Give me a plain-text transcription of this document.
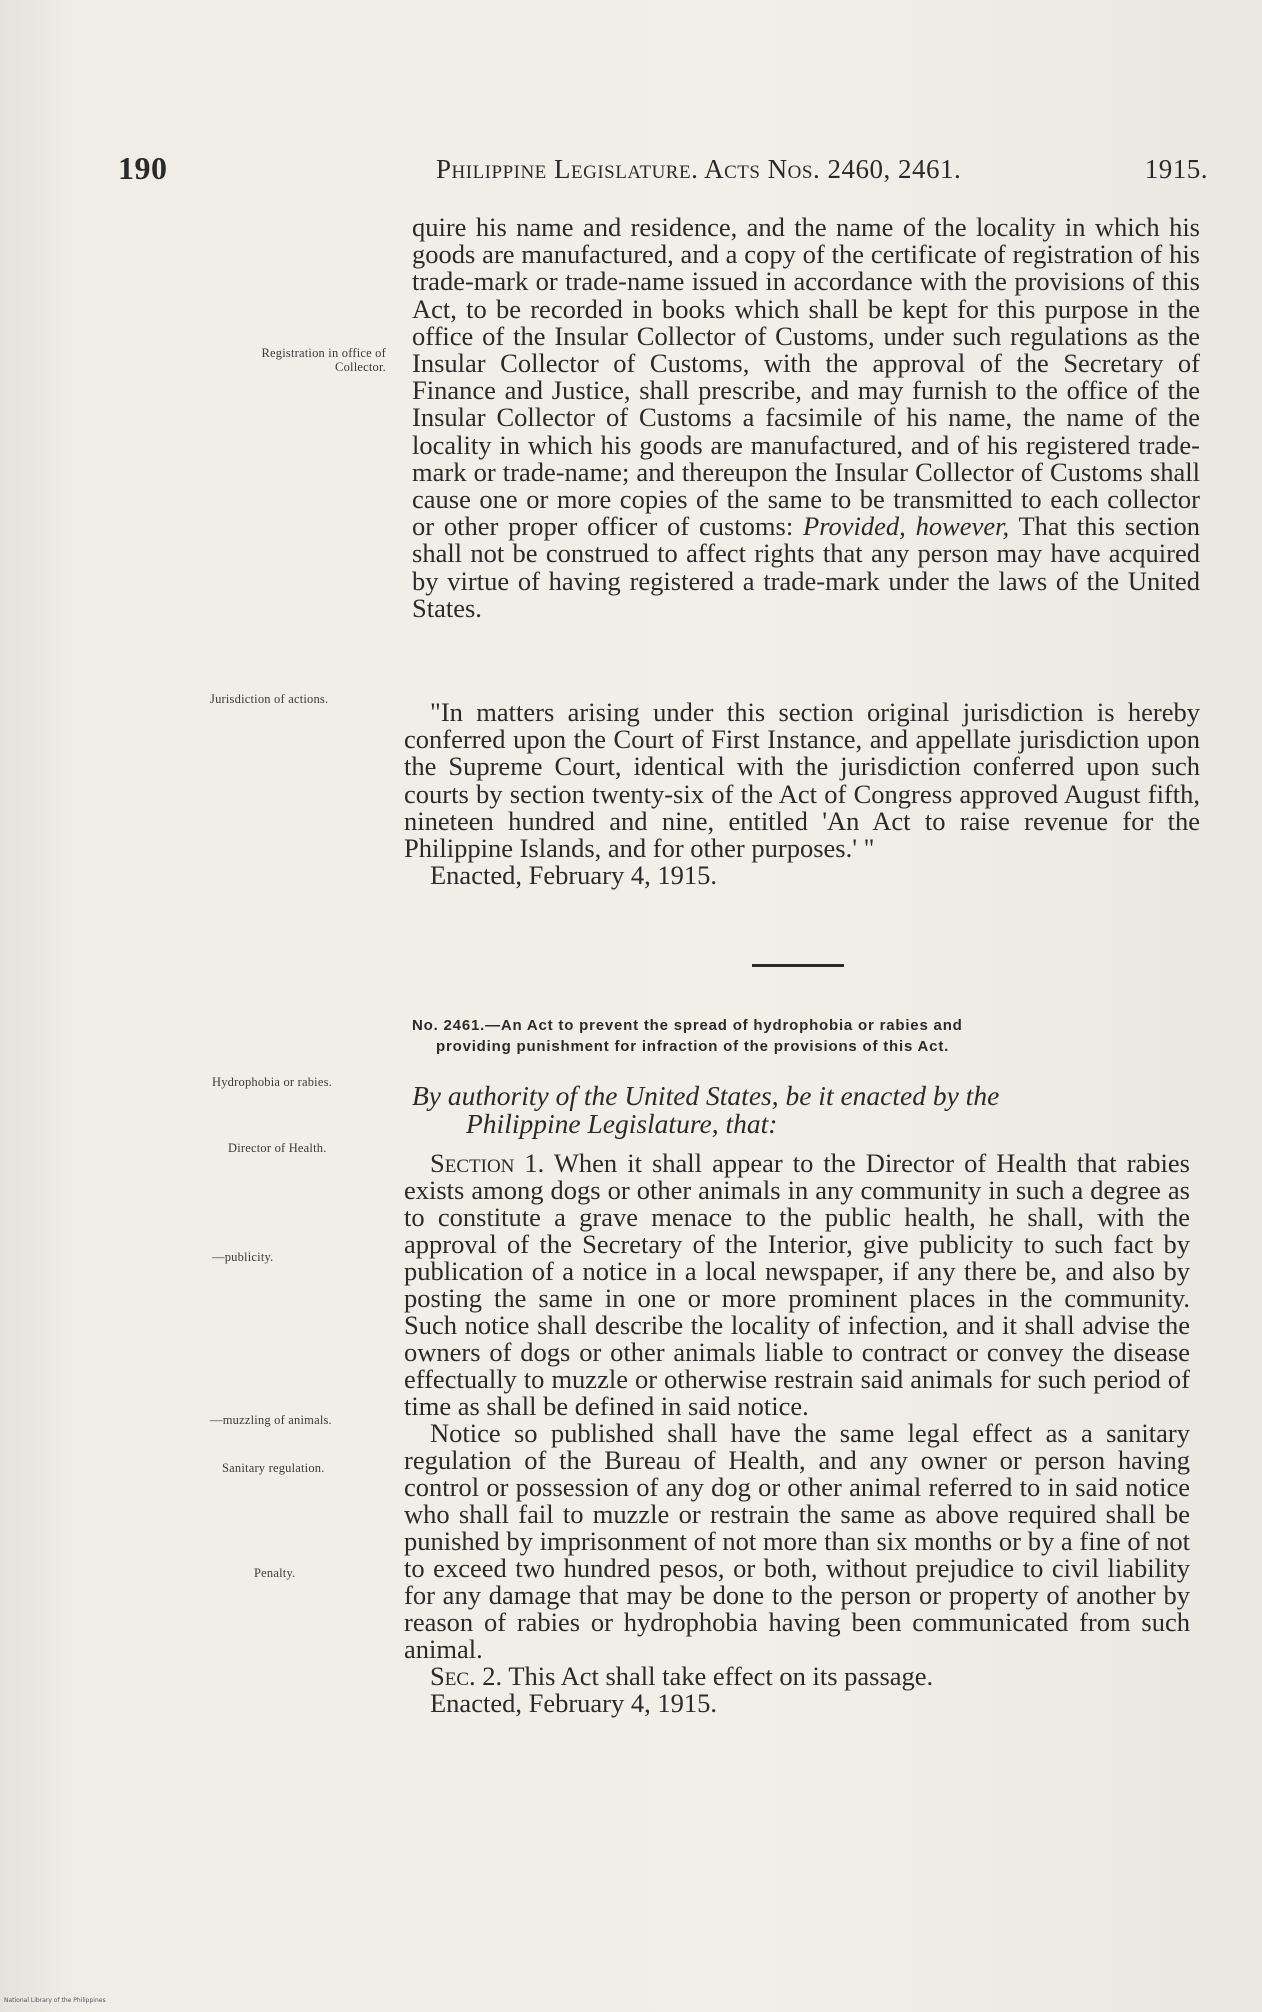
190	Philippine Legislature. Acts Nos. 2460, 2461.	1915.
Registration in office of Collector.
Jurisdiction of actions.
Hydrophobia or rabies.
Director of Health.
—publicity.
—muzzling of animals.
Sanitary regulation.
Penalty.

quire his name and residence, and the name of the locality in which his goods are manufactured, and a copy of the certificate of registration of his trade-mark or trade-name issued in accordance with the provisions of this Act, to be recorded in books which shall be kept for this purpose in the office of the Insular Collector of Customs, under such regulations as the Insular Collector of Customs, with the approval of the Secretary of Finance and Justice, shall prescribe, and may furnish to the office of the Insular Collector of Customs a facsimile of his name, the name of the locality in which his goods are manufactured, and of his registered trade-mark or trade-name; and thereupon the Insular Collector of Customs shall cause one or more copies of the same to be transmitted to each collector or other proper officer of customs: Provided, however, That this section shall not be construed to affect rights that any person may have acquired by virtue of having registered a trade-mark under the laws of the United States.

"In matters arising under this section original jurisdiction is hereby conferred upon the Court of First Instance, and appellate jurisdiction upon the Supreme Court, identical with the jurisdiction conferred upon such courts by section twenty-six of the Act of Congress approved August fifth, nineteen hundred and nine, entitled 'An Act to raise revenue for the Philippine Islands, and for other purposes.' "

Enacted, February 4, 1915.

No. 2461.—An Act to prevent the spread of hydrophobia or rabies and
providing punishment for infraction of the provisions of this Act.
By authority of the United States, be it enacted by the
Philippine Legislature, that:

Section 1. When it shall appear to the Director of Health that rabies exists among dogs or other animals in any community in such a degree as to constitute a grave menace to the public health, he shall, with the approval of the Secretary of the Interior, give publicity to such fact by publication of a notice in a local newspaper, if any there be, and also by posting the same in one or more prominent places in the community. Such notice shall describe the locality of infection, and it shall advise the owners of dogs or other animals liable to contract or convey the disease effectually to muzzle or otherwise restrain said animals for such period of time as shall be defined in said notice.

Notice so published shall have the same legal effect as a sanitary regulation of the Bureau of Health, and any owner or person having control or possession of any dog or other animal referred to in said notice who shall fail to muzzle or restrain the same as above required shall be punished by imprisonment of not more than six months or by a fine of not to exceed two hundred pesos, or both, without prejudice to civil liability for any damage that may be done to the person or property of another by reason of rabies or hydrophobia having been communicated from such animal.

Sec. 2. This Act shall take effect on its passage.

Enacted, February 4, 1915.

National Library of the Philippines
